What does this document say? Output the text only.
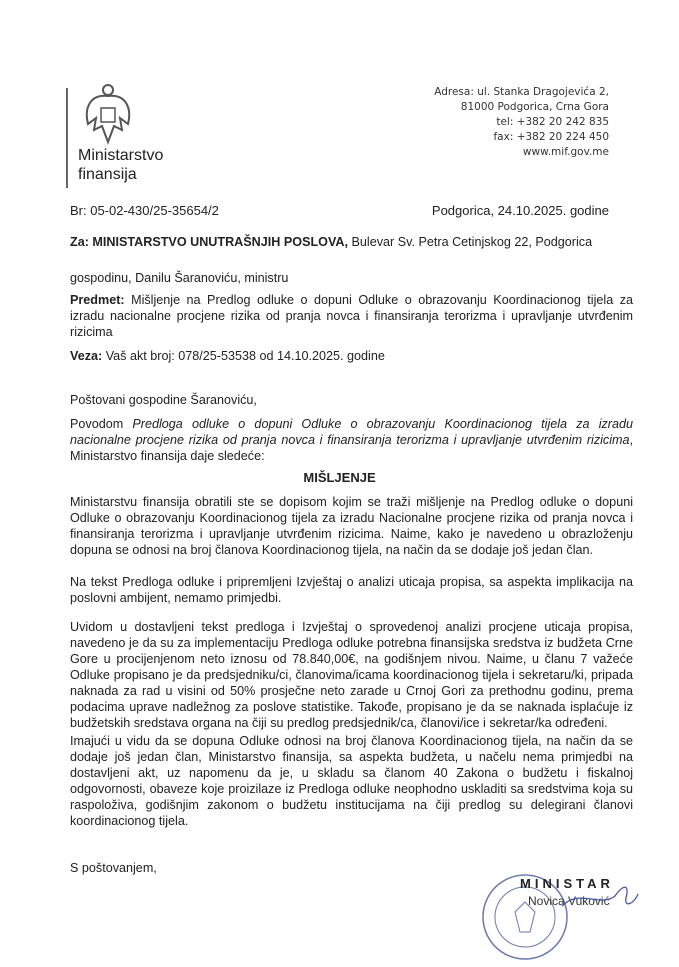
Ministarstvo
finansija
Adresa: ul. Stanka Dragojevića 2,
81000 Podgorica, Crna Gora
tel: +382 20 242 835
fax: +382 20 224 450
www.mif.gov.me
Br: 05-02-430/25-35654/2	Podgorica, 24.10.2025. godine
Za: MINISTARSTVO UNUTRAŠNJIH POSLOVA, Bulevar Sv. Petra Cetinjskog 22, Podgorica
gospodinu, Danilu Šaranoviću, ministru
Predmet: Mišljenje na Predlog odluke o dopuni Odluke o obrazovanju Koordinacionog tijela za izradu nacionalne procjene rizika od pranja novca i finansiranja terorizma i upravljanje utvrđenim rizicima
Veza: Vaš akt broj: 078/25-53538 od 14.10.2025. godine
Poštovani gospodine Šaranoviću,
Povodom Predloga odluke o dopuni Odluke o obrazovanju Koordinacionog tijela za izradu nacionalne procjene rizika od pranja novca i finansiranja terorizma i upravljanje utvrđenim rizicima, Ministarstvo finansija daje sledeće:
MIŠLJENJE
Ministarstvu finansija obratili ste se dopisom kojim se traži mišljenje na Predlog odluke o dopuni Odluke o obrazovanju Koordinacionog tijela za izradu Nacionalne procjene rizika od pranja novca i finansiranja terorizma i upravljanje utvrđenim rizicima. Naime, kako je navedeno u obrazloženju dopuna se odnosi na broj članova Koordinacionog tijela, na način da se dodaje još jedan član.
Na tekst Predloga odluke i pripremljeni Izvještaj o analizi uticaja propisa, sa aspekta implikacija na poslovni ambijent, nemamo primjedbi.
Uvidom u dostavljeni tekst predloga i Izvještaj o sprovedenoj analizi procjene uticaja propisa, navedeno je da su za implementaciju Predloga odluke potrebna finansijska sredstva iz budžeta Crne Gore u procijenjenom neto iznosu od 78.840,00€, na godišnjem nivou. Naime, u članu 7 važeće Odluke propisano je da predsjedniku/ci, članovima/icama koordinacionog tijela i sekretaru/ki, pripada naknada za rad u visini od 50% prosječne neto zarade u Crnoj Gori za prethodnu godinu, prema podacima uprave nadležnog za poslove statistike. Takođe, propisano je da se naknada isplaćuje iz budžetskih sredstava organa na čiji su predlog predsjednik/ca, članovi/ice i sekretar/ka određeni.
Imajući u vidu da se dopuna Odluke odnosi na broj članova Koordinacionog tijela, na način da se dodaje još jedan član, Ministarstvo finansija, sa aspekta budžeta, u načelu nema primjedbi na dostavljeni akt, uz napomenu da je, u skladu sa članom 40 Zakona o budžetu i fiskalnoj odgovornosti, obaveze koje proizilaze iz Predloga odluke neophodno uskladiti sa sredstvima koja su raspoloživa, godišnjim zakonom o budžetu institucijama na čiji predlog su delegirani članovi koordinacionog tijela.
S poštovanjem,
MINISTAR
Novica Vuković
